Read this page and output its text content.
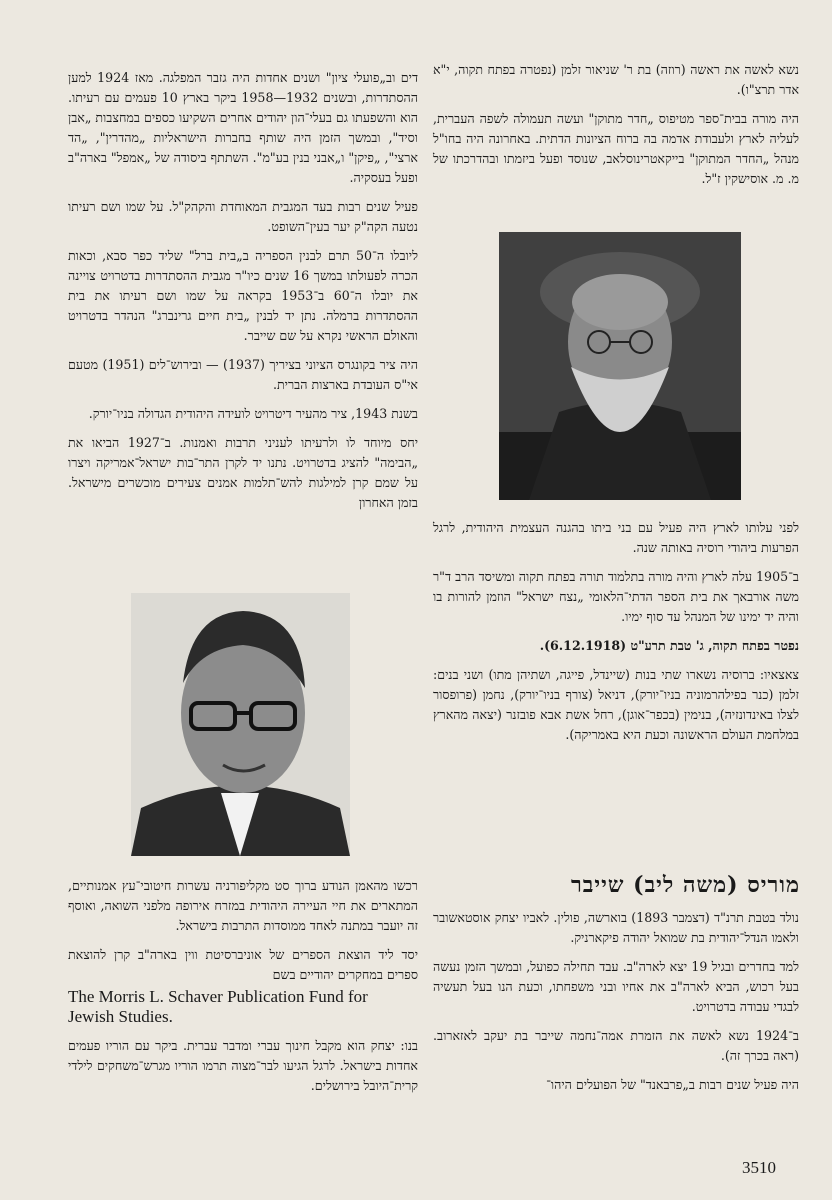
נשא לאשה את ראשה (רוזה) בת ר' שניאור זלמן (נפטרה בפתח תקוה, י"א אדר תרצ"ו).

היה מורה בבית־ספר מטיפוס „חדר מתוקן" ועשה תעמולה לשפה העברית, לעליה לארץ ולעבודת אדמה בה ברוח הציונות הדתית. באחרונה היה בחו"ל מנהל „החדר המתוקן" בייקאטרינוסלאב, שנוסד ופעל ביזמתו ובהדרכתו של מ. מ. אוסישקין ז"ל.

לפני עלותו לארץ היה פעיל עם בני ביתו בהגנה העצמית היהודית, לרגל הפרעות ביהודי רוסיה באותה שנה.

ב־1905 עלה לארץ והיה מורה בתלמוד תורה בפתח תקוה ומשיסד הרב ד"ר משה אורבאך את בית הספר הדתי־הלאומי „נצח ישראל" הוזמן להורות בו והיה יד ימינו של המנהל עד סוף ימיו.

נפטר בפתח תקוה, ג' טבת תרע"ט (6.12.1918).

צאצאיו: ברוסיה נשארו שתי בנות (שיינדל, פייגה, ושתיהן מתו) ושני בנים: זלמן (כנר בפילהרמוניה בניו־יורק), דניאל (צורף בניו־יורק), נחמן (פרופסור לצלו באינדונזיה), בנימין (בכפר־אוגן), רחל אשת אבא פובזנר (יצאה מהארץ במלחמת העולם הראשונה וכעת היא באמריקה).

מוריס (משה ליב) שייבר

נולד בטבת תרנ"ד (דצמבר 1893) בוארשה, פולין. לאביו יצחק אוסטאשובר ולאמו הנדל־יהודית בת שמואל יהודה פיקארניק.

למד בחדרים ובגיל 19 יצא לארה"ב. עבד תחילה כפועל, ובמשך הזמן נעשה בעל רכוש, הביא לארה"ב את אחיו ובני משפחתו, וכעת הנו בעל תעשיה לבגדי עבודה בדטרויט.

ב־1924 נשא לאשה את הזמרת אמה־נחמה שייבר בת יעקב לאזארוב. (ראה בכרך זה).

היה פעיל שנים רבות ב„פרבאנד" של הפועלים היהו־

דים וב„פועלי ציון" ושנים אחדות היה גזבר המפלגה. מאז 1924 למען ההסתדרות, ובשנים 1932—1958 ביקר בארץ 10 פעמים עם רעיתו. הוא והשפעתו גם בעלי־הון יהודים אחרים השקיעו כספים במחצבות „אבן וסיד", ובמשך הזמן היה שותף בחברות הישראליות „מהדרין", „הד ארצי", „פיקן" ו„אבני בנין בע"מ". השתתף ביסודה של „אמפל" בארה"ב ופעל בעסקיה.

פעיל שנים רבות בעד המגבית המאוחדת והקהק"ל. על שמו ושם רעיתו נטעה הקה"ק יער בעין־השופט.

ליובלו ה־50 תרם לבנין הספריה ב„בית ברל" שליד כפר סבא, וכאות הכרה לפעולתו במשך 16 שנים כיו"ר מגבית ההסתדרות בדטרויט צויינה את יובלו ה־60 ב־1953 בקראה על שמו ושם רעיתו את בית ההסתדרות ברמלה. נתן יד לבנין „בית חיים גרינברג" הנהדר בדטרויט והאולם הראשי נקרא על שם שייבר.

היה ציר בקונגרס הציוני בציריך (1937) — ובירוש־לים (1951) מטעם אי"ס העובדת בארצות הברית.

בשנת 1943, ציר מהעיר דיטרויט לועידה היהודית הגדולה בניו־יורק.

יחס מיוחד לו ולרעיתו לעניני תרבות ואמנות. ב־1927 הביאו את „הבימה" להציג בדטרויט. נתנו יד לקרן התר־בות ישראל־אמריקה ויצרו על שמם קרן למילגות להש־תלמות אמנים צעירים מוכשרים מישראל. בזמן האחרון

רכשו מהאמן הנודע ברוך סט מקליפורניה עשרות חיטובי־עץ אמנותיים, המתארים את חיי העיירה היהודית במזרח אירופה מלפני השואה, ואוסף זה יועבר במתנה לאחד ממוסדות התרבות בישראל.

יסד ליד הוצאת הספרים של אוניברסיטת ווין בארה"ב קרן להוצאת ספרים במחקרים יהודיים בשם

The Morris L. Schaver Publication Fund for Jewish Studies.

בנו: יצחק הוא מקבל חינוך עברי ומדבר עברית. ביקר עם הוריו פעמים אחדות בישראל. לרגל הגיעו לבר־מצוה תרמו הוריו מגרש־משחקים לילדי קרית־היובל בירושלים.

3510
